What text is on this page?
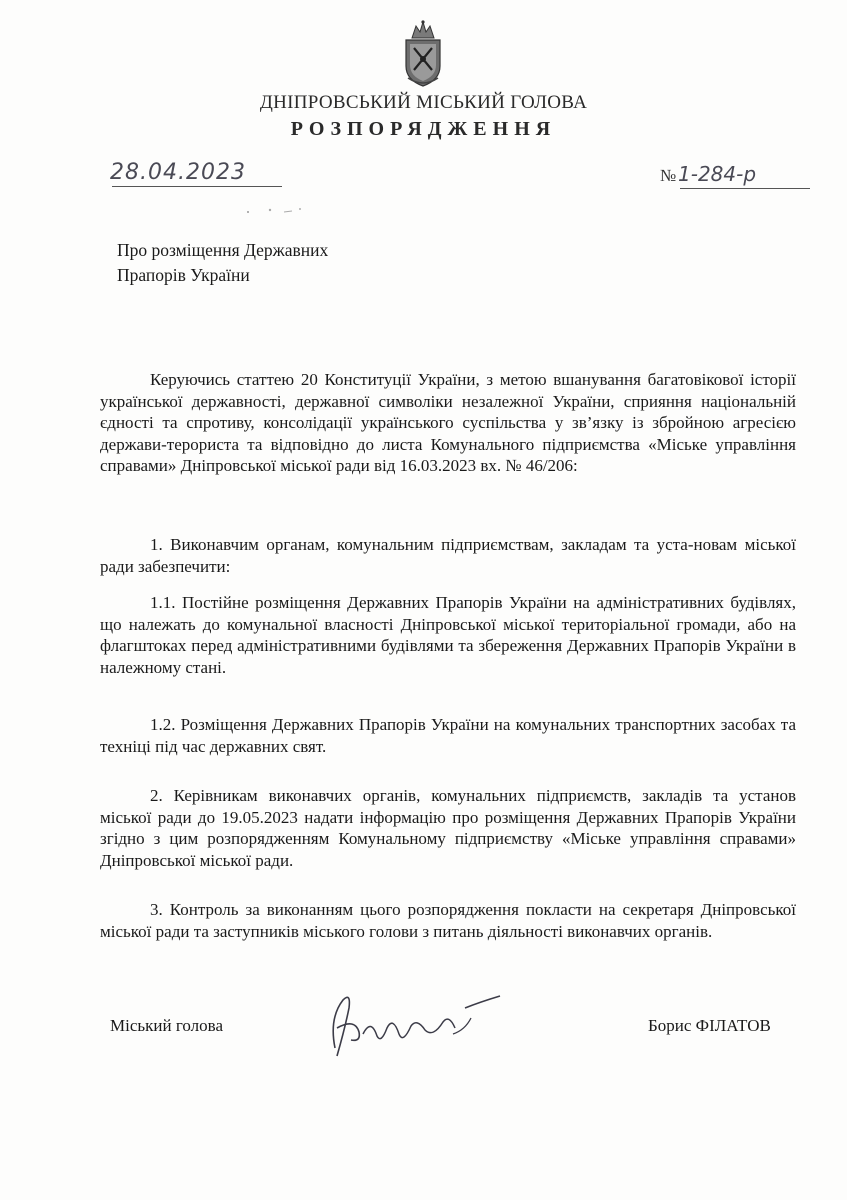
ДНІПРОВСЬКИЙ МІСЬКИЙ ГОЛОВА
РОЗПОРЯДЖЕННЯ
28.04.2023	№ 1-284-р
Про розміщення Державних
Прапорів України

Керуючись статтею 20 Конституції України, з метою вшанування багатовікової історії української державності, державної символіки незалежної України, сприяння національній єдності та спротиву, консолідації українського суспільства у зв’язку із збройною агресією держави-терориста та відповідно до листа Комунального підприємства «Міське управління справами» Дніпровської міської ради від 16.03.2023 вх. № 46/206:

1. Виконавчим органам, комунальним підприємствам, закладам та уста-новам міської ради забезпечити:

1.1. Постійне розміщення Державних Прапорів України на адміністративних будівлях, що належать до комунальної власності Дніпровської міської територіальної громади, або на флагштоках перед адміністративними будівлями та збереження Державних Прапорів України в належному стані.

1.2. Розміщення Державних Прапорів України на комунальних транспортних засобах та техніці під час державних свят.

2. Керівникам виконавчих органів, комунальних підприємств, закладів та установ міської ради до 19.05.2023 надати інформацію про розміщення Державних Прапорів України згідно з цим розпорядженням Комунальному підприємству «Міське управління справами» Дніпровської міської ради.

3. Контроль за виконанням цього розпорядження покласти на секретаря Дніпровської міської ради та заступників міського голови з питань діяльності виконавчих органів.

Міський голова	Борис ФІЛАТОВ
